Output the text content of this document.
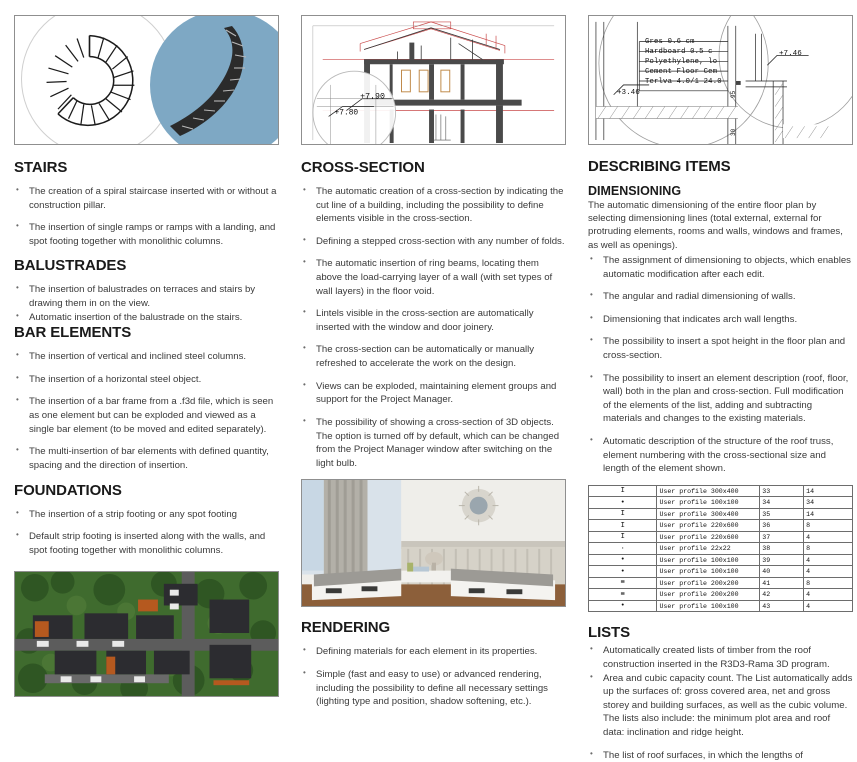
STAIRS
• The creation of a spiral staircase inserted with or without a construction pillar.
• The insertion of single ramps or ramps with a landing, and spot footing together with monolithic columns.
BALUSTRADES
• The insertion of balustrades on terraces and stairs by drawing them in on the view.
• Automatic insertion of the balustrade on the stairs.
BAR ELEMENTS
• The insertion of vertical and inclined steel columns.
• The insertion of a horizontal steel object.
• The insertion of a bar frame from a .f3d file, which is seen as one element but can be exploded and viewed as a single bar element (to be moved and edited separately).
• The multi-insertion of bar elements with defined quantity, spacing and the direction of insertion.
FOUNDATIONS
• The insertion of a strip footing or any spot footing
• Default strip footing is inserted along with the walls, and spot footing together with monolithic columns.
+7.80
+7.90
CROSS-SECTION
• The automatic creation of a cross-section by indicating the cut line of a building, including the possibility to define elements visible in the cross-section.
• Defining a stepped cross-section with any number of folds.
• The automatic insertion of ring beams, locating them above the load-carrying layer of a wall (with set types of wall layers) in the floor void.
• Lintels visible in the cross-section are automatically inserted with the window and door joinery.
• The cross-section can be automatically or manually refreshed to accelerate the work on the design.
• Views can be exploded, maintaining element groups and support for the Project Manager.
• The possibility of showing a cross-section of 3D objects. The option is turned off by default, which can be changed from the Project Manager window after switching on the light bulb.
RENDERING
• Defining materials for each element in its properties.
• Simple (fast and easy to use) or advanced rendering, including the possibility to define all necessary settings (lighting type and position, shadow softening, etc.).
Gres 0.6 cm
Hardboard 0.5 c
Polyethylene, lo
Cement Floor Cem
Terlva 4.0/1 24.0
+3.46
+7.46
95
30
DESCRIBING ITEMS
DIMENSIONING

The automatic dimensioning of the entire floor plan by selecting dimensioning lines (total external, external for protruding elements, rooms and walls, windows and frames, as well as openings).

• The assignment of dimensioning to objects, which enables automatic modification after each edit.
• The angular and radial dimensioning of walls.
• Dimensioning that indicates arch wall lengths.
• The possibility to insert a spot height in the floor plan and cross-section.
• The possibility to insert an element description (roof, floor, wall) both in the plan and cross-section. Full modification of the elements of the list, adding and subtracting materials and changes to the existing materials.
• Automatic description of the structure of the roof truss, element numbering with the cross-sectional size and length of the element shown.
I	User profile 300x400	33	14
•	User profile 100x100	34	34
I	User profile 300x400	35	14
I	User profile 220x600	36	8
I	User profile 220x600	37	4
·	User profile 22x22	38	8
•	User profile 100x100	39	4
•	User profile 100x100	40	4
≡	User profile 200x200	41	8
≡	User profile 200x200	42	4
•	User profile 100x100	43	4
LISTS
• Automatically created lists of timber from the roof construction inserted in the R3D3-Rama 3D program.
• Area and cubic capacity count. The List automatically adds up the surfaces of: gross covered area, net and gross storey and building surfaces, as well as the cubic volume. The lists also include: the minimum plot area and roof data: inclination and ridge height.
• The list of roof surfaces, in which the lengths of
